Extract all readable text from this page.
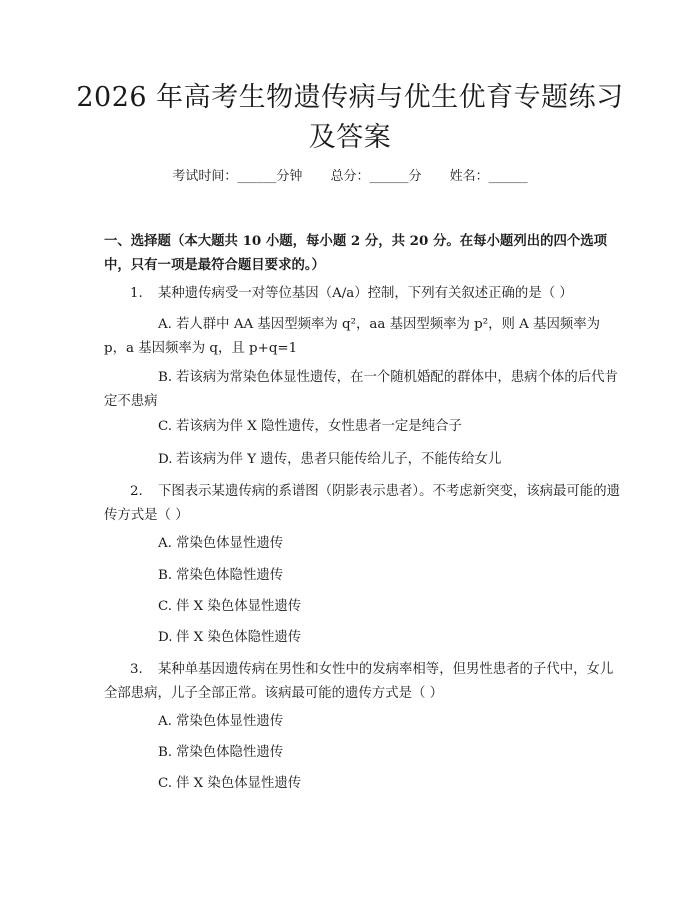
2026 年高考生物遗传病与优生优育专题练习
及答案
考试时间：______分钟 总分：______分 姓名：______
一、选择题（本大题共 10 小题，每小题 2 分，共 20 分。在每小题列出的四个选项中，只有一项是最符合题目要求的。）
1. 某种遗传病受一对等位基因（A/a）控制，下列有关叙述正确的是（ ）
A. 若人群中 AA 基因型频率为 q²，aa 基因型频率为 p²，则 A 基因频率为 p，a 基因频率为 q，且 p+q=1
B. 若该病为常染色体显性遗传，在一个随机婚配的群体中，患病个体的后代肯定不患病
C. 若该病为伴 X 隐性遗传，女性患者一定是纯合子
D. 若该病为伴 Y 遗传，患者只能传给儿子，不能传给女儿
2. 下图表示某遗传病的系谱图（阴影表示患者）。不考虑新突变，该病最可能的遗传方式是（ ）
A. 常染色体显性遗传
B. 常染色体隐性遗传
C. 伴 X 染色体显性遗传
D. 伴 X 染色体隐性遗传
3. 某种单基因遗传病在男性和女性中的发病率相等，但男性患者的子代中，女儿全部患病，儿子全部正常。该病最可能的遗传方式是（ ）
A. 常染色体显性遗传
B. 常染色体隐性遗传
C. 伴 X 染色体显性遗传
